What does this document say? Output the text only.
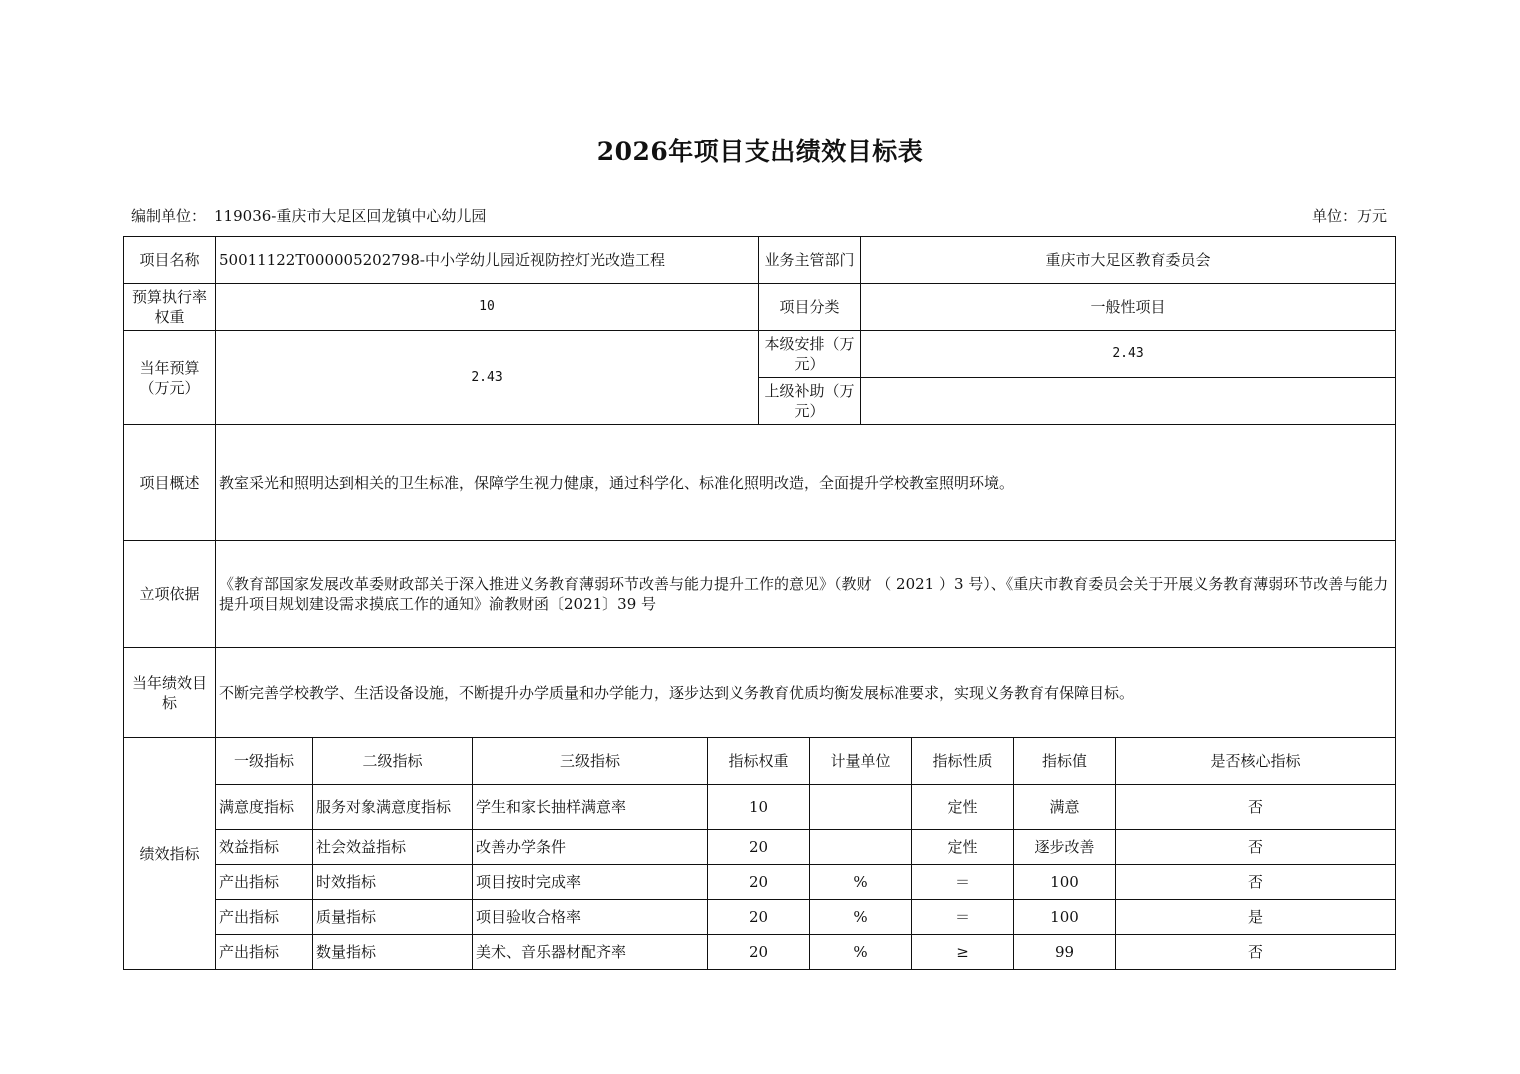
2026年项目支出绩效目标表
编制单位： 119036-重庆市大足区回龙镇中心幼儿园	单位：万元
项目名称	50011122T000005202798-中小学幼儿园近视防控灯光改造工程	业务主管部门	重庆市大足区教育委员会
预算执行率权重	10	项目分类	一般性项目
当年预算（万元）	2.43	本级安排（万元）	2.43
		上级补助（万元）	
项目概述	教室采光和照明达到相关的卫生标准，保障学生视力健康，通过科学化、标准化照明改造，全面提升学校教室照明环境。		
立项依据	《教育部国家发展改革委财政部关于深入推进义务教育薄弱环节改善与能力提升工作的意见》（教财 （ 2021 ）3 号）、《重庆市教育委员会关于开展义务教育薄弱环节改善与能力提升项目规划建设需求摸底工作的通知》渝教财函〔2021〕39 号		
当年绩效目标	不断完善学校教学、生活设备设施，不断提升办学质量和办学能力，逐步达到义务教育优质均衡发展标准要求，实现义务教育有保障目标。		
绩效指标	一级指标	二级指标	三级指标	指标权重	计量单位	指标性质	指标值	是否核心指标
	满意度指标	服务对象满意度指标	学生和家长抽样满意率	10		定性	满意	否
	效益指标	社会效益指标	改善办学条件	20		定性	逐步改善	否
	产出指标	时效指标	项目按时完成率	20	%	＝	100	否
	产出指标	质量指标	项目验收合格率	20	%	＝	100	是
	产出指标	数量指标	美术、音乐器材配齐率	20	%	≥	99	否
